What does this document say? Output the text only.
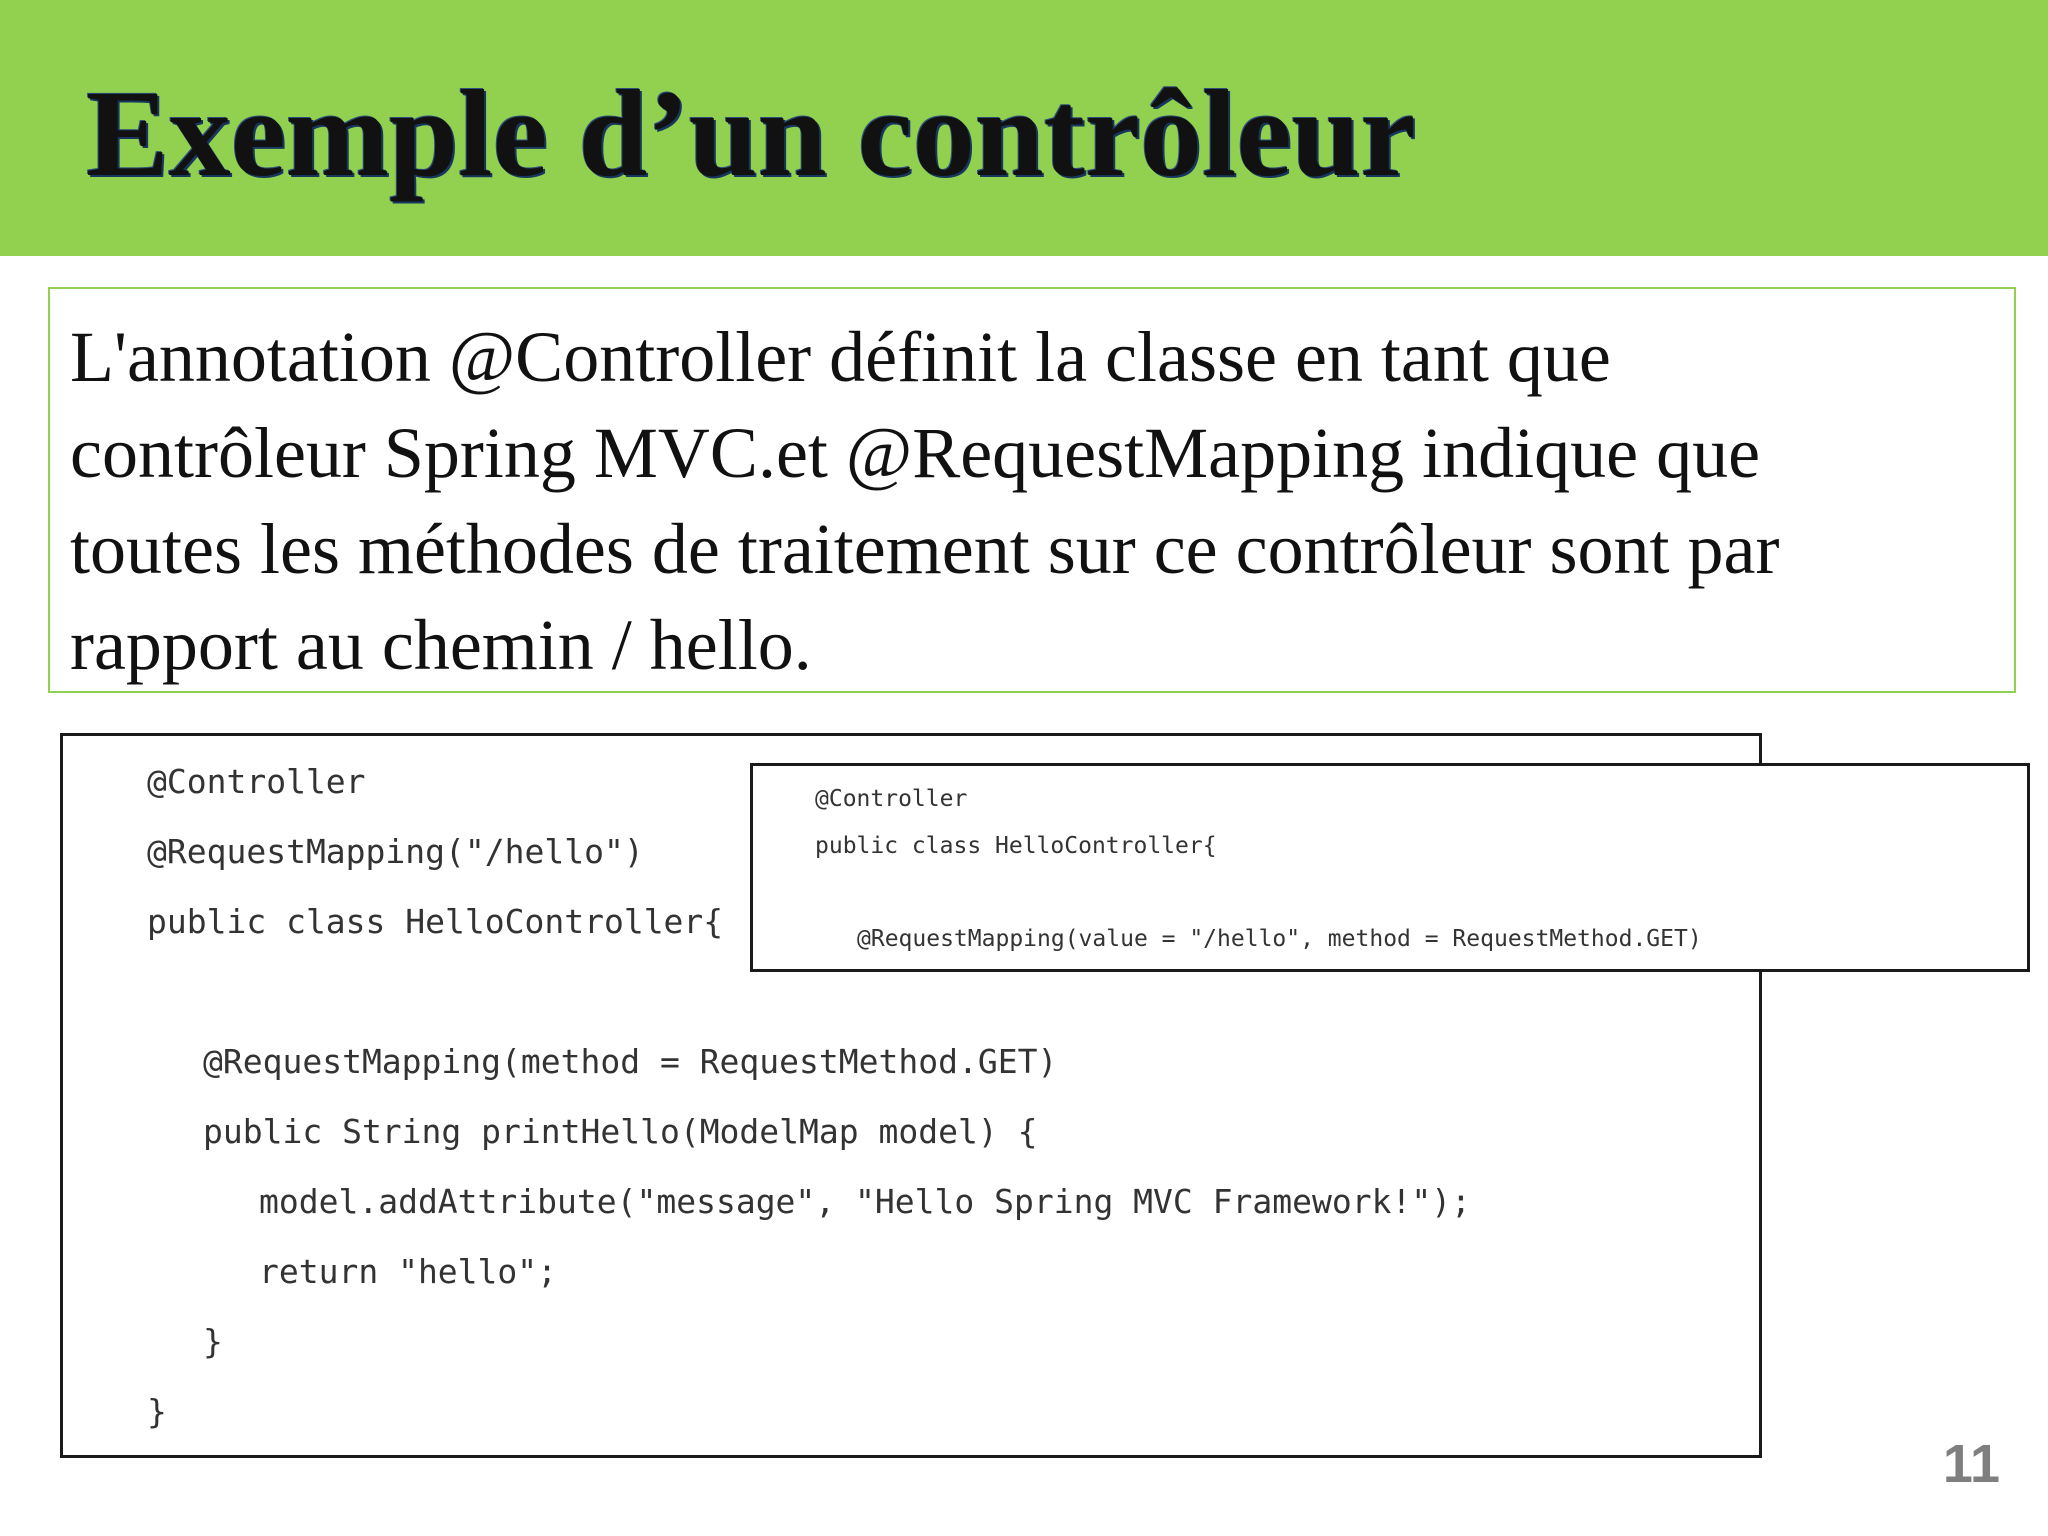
Exemple d’un contrôleur

L'annotation @Controller définit la classe en tant que

contrôleur Spring MVC.et @RequestMapping indique que

toutes les méthodes de traitement sur ce contrôleur sont par

rapport au chemin / hello.

@Controller
@RequestMapping("/hello")
public class HelloController{
@RequestMapping(method = RequestMethod.GET)
public String printHello(ModelMap model) {
model.addAttribute("message", "Hello Spring MVC Framework!");
return "hello";
}
}
@Controller
public class HelloController{
@RequestMapping(value = "/hello", method = RequestMethod.GET)
11
